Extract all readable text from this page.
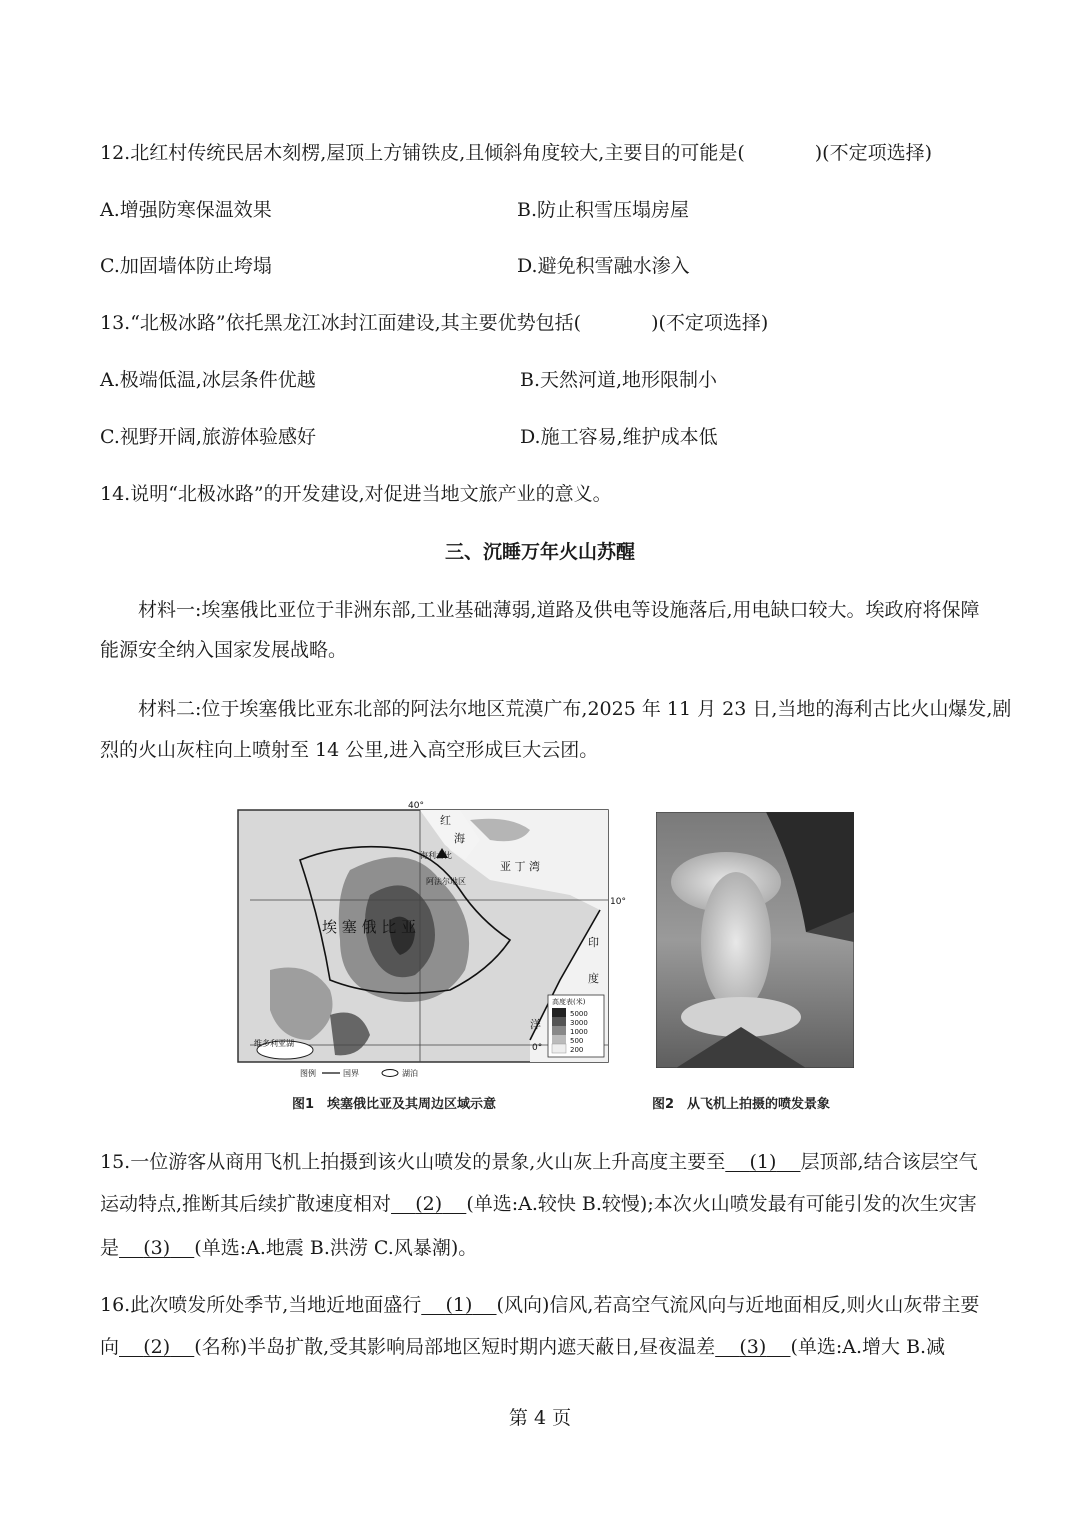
12.北红村传统民居木刻楞,屋顶上方铺铁皮,且倾斜角度较大,主要目的可能是(	)(不定项选择)
A.增强防寒保温效果	B.防止积雪压塌房屋
C.加固墙体防止垮塌	D.避免积雪融水渗入
13.“北极冰路”依托黑龙江冰封江面建设,其主要优势包括(	)(不定项选择)
A.极端低温,冰层条件优越	B.天然河道,地形限制小
C.视野开阔,旅游体验感好	D.施工容易,维护成本低
14.说明“北极冰路”的开发建设,对促进当地文旅产业的意义。
三、沉睡万年火山苏醒
材料一:埃塞俄比亚位于非洲东部,工业基础薄弱,道路及供电等设施落后,用电缺口较大。埃政府将保障
能源安全纳入国家发展战略。
材料二:位于埃塞俄比亚东北部的阿法尔地区荒漠广布,2025 年 11 月 23 日,当地的海利古比火山爆发,剧
烈的火山灰柱向上喷射至 14 公里,进入高空形成巨大云团。
40°
10°
0°
红
海
海利古比
阿法尔地区
亚 丁 湾
埃 塞 俄 比 亚
印
度
洋
维多利亚湖
高度表(米)
5000
3000
1000
500
200
图例	国界	湖泊
图1　埃塞俄比亚及其周边区域示意	图2　从飞机上拍摄的喷发景象
15.一位游客从商用飞机上拍摄到该火山喷发的景象,火山灰上升高度主要至 (1) 层顶部,结合该层空气
运动特点,推断其后续扩散速度相对 (2) (单选:A.较快 B.较慢);本次火山喷发最有可能引发的次生灾害
是 (3) (单选:A.地震 B.洪涝 C.风暴潮)。
16.此次喷发所处季节,当地近地面盛行 (1) (风向)信风,若高空气流风向与近地面相反,则火山灰带主要
向 (2) (名称)半岛扩散,受其影响局部地区短时期内遮天蔽日,昼夜温差 (3) (单选:A.增大 B.减
第 4 页
